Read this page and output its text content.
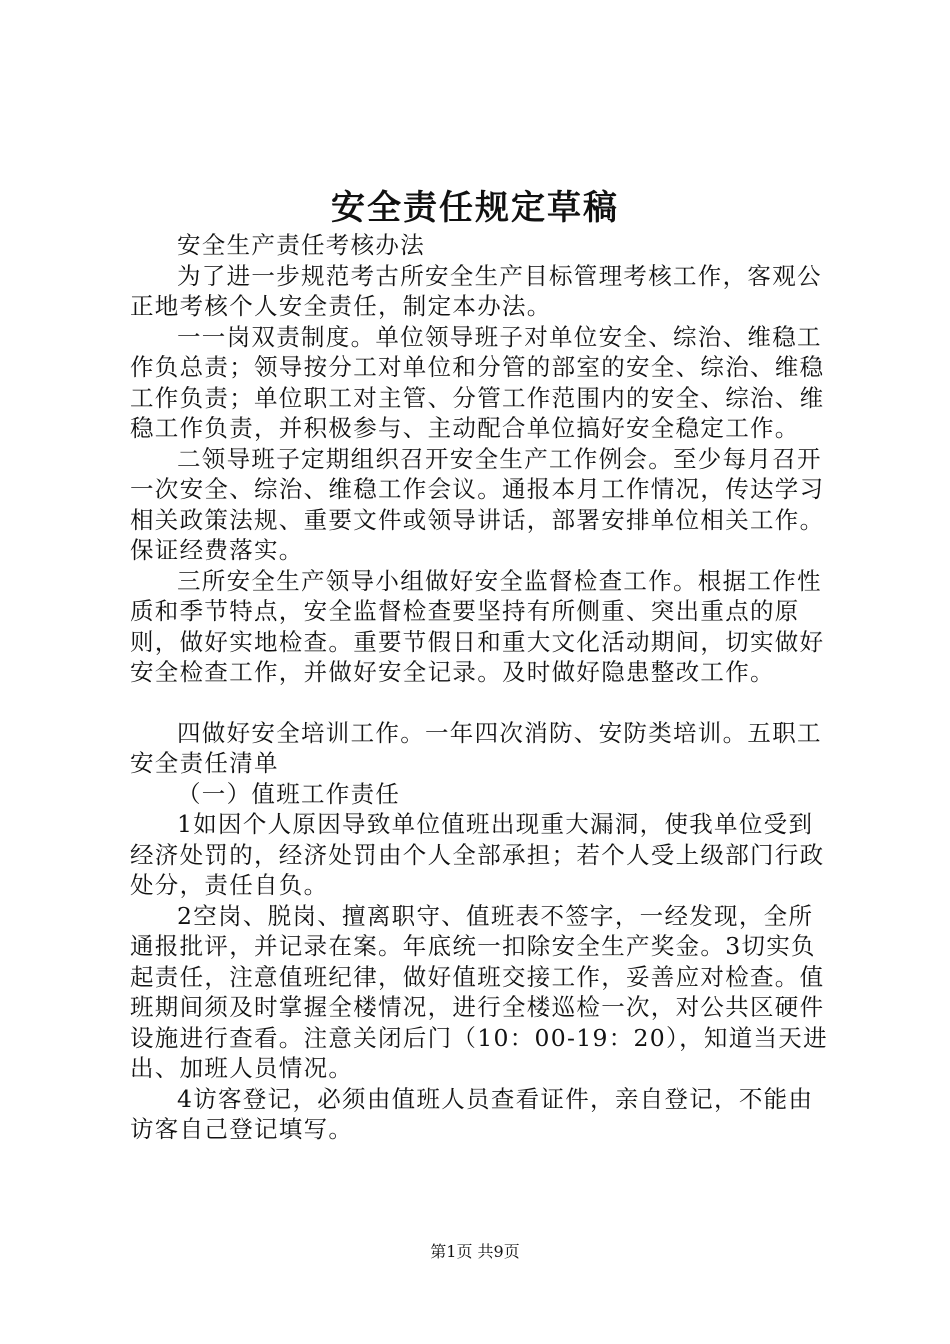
安全责任规定草稿

安全生产责任考核办法

为了进一步规范考古所安全生产目标管理考核工作，客观公正地考核个人安全责任，制定本办法。

一一岗双责制度。单位领导班子对单位安全、综治、维稳工作负总责；领导按分工对单位和分管的部室的安全、综治、维稳工作负责；单位职工对主管、分管工作范围内的安全、综治、维稳工作负责，并积极参与、主动配合单位搞好安全稳定工作。

二领导班子定期组织召开安全生产工作例会。至少每月召开一次安全、综治、维稳工作会议。通报本月工作情况，传达学习相关政策法规、重要文件或领导讲话，部署安排单位相关工作。保证经费落实。

三所安全生产领导小组做好安全监督检查工作。根据工作性质和季节特点，安全监督检查要坚持有所侧重、突出重点的原则，做好实地检查。重要节假日和重大文化活动期间，切实做好安全检查工作，并做好安全记录。及时做好隐患整改工作。

四做好安全培训工作。一年四次消防、安防类培训。五职工安全责任清单

（一）值班工作责任

1如因个人原因导致单位值班出现重大漏洞，使我单位受到经济处罚的，经济处罚由个人全部承担；若个人受上级部门行政处分，责任自负。

2空岗、脱岗、擅离职守、值班表不签字，一经发现，全所通报批评，并记录在案。年底统一扣除安全生产奖金。3切实负起责任，注意值班纪律，做好值班交接工作，妥善应对检查。值班期间须及时掌握全楼情况，进行全楼巡检一次，对公共区硬件设施进行查看。注意关闭后门（10：00-19：20），知道当天进出、加班人员情况。

4访客登记，必须由值班人员查看证件，亲自登记，不能由访客自己登记填写。

第1页 共9页
